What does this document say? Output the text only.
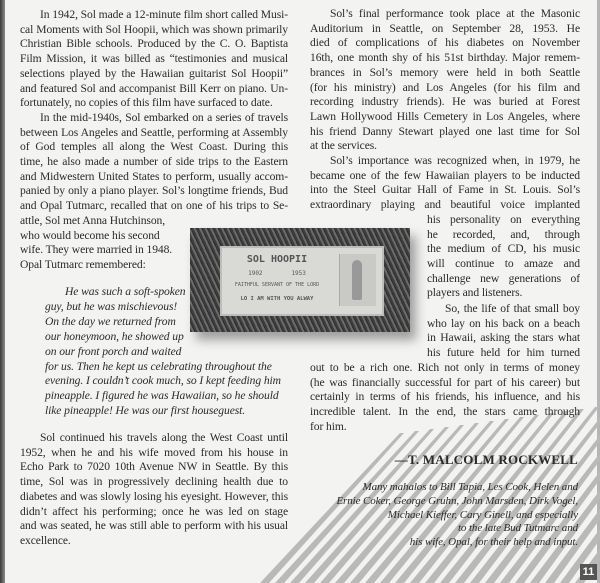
In 1942, Sol made a 12-minute film short called Musi-
cal Moments with Sol Hoopii, which was shown primarily
Christian Bible schools. Produced by the C. O. Baptista
Film Mission, it was billed as “testimonies and musical
selections played by the Hawaiian guitarist Sol Hoopii”
and featured Sol and accompanist Bill Kerr on piano. Un-
fortunately, no copies of this film have surfaced to date.
In the mid-1940s, Sol embarked on a series of travels
between Los Angeles and Seattle, performing at Assembly
of God temples all along the West Coast. During this
time, he also made a number of side trips to the Eastern
and Midwestern United States to perform, usually accom-
panied by only a piano player. Sol’s longtime friends, Bud
and Opal Tutmarc, recalled that on one of his trips to Se-
attle, Sol met Anna Hutchinson,
who would become his second
wife. They were married in 1948.
Opal Tutmarc remembered:
He was such a soft-spoken
guy, but he was mischievous!
On the day we returned from
our honeymoon, he showed up
on our front porch and waited
for us. Then he kept us celebrating throughout the
evening. I couldn’t cook much, so I kept feeding him
pineapple. I figured he was Hawaiian, so he should
like pineapple! He was our first houseguest.
Sol continued his travels along the West Coast until
1952, when he and his wife moved from his house in
Echo Park to 7020 10th Avenue NW in Seattle. By this
time, Sol was in progressively declining health due to
diabetes and was slowly losing his eyesight. However, this
didn’t affect his performing; once he was led on stage
and was seated, he was still able to perform with his usual
excellence.
Sol’s final performance took place at the Masonic
Auditorium in Seattle, on September 28, 1953. He
died of complications of his diabetes on November
16th, one month shy of his 51st birthday. Major remem-
brances in Sol’s memory were held in both Seattle
(for his ministry) and Los Angeles (for his film and
recording industry friends). He was buried at Forest
Lawn Hollywood Hills Cemetery in Los Angeles, where
his friend Danny Stewart played one last time for Sol
at the services.
Sol’s importance was recognized when, in 1979, he
became one of the few Hawaiian players to be inducted
into the Steel Guitar Hall of Fame in St. Louis. Sol’s
extraordinary playing and beautiful voice implanted
his personality on everything
he recorded, and, through
the medium of CD, his music
will continue to amaze and
challenge new generations of
players and listeners.
So, the life of that small boy
who lay on his back on a beach
in Hawaii, asking the stars what
his future held for him turned
out to be a rich one. Rich not only in terms of money
(he was financially successful for part of his career) but
certainly in terms of his friends, his influence, and his
incredible talent. In the end, the stars came through
for him.
Many mahalos to Bill Tapia, Les Cook, Helen and
Ernie Coker, George Gruhn, John Marsden, Dirk Vogel,
Michael Kieffer, Cary Ginell, and especially
to the late Bud Tutmarc and
his wife, Opal, for their help and input.
SOL HOOPII
1902        1953
FAITHFUL SERVANT OF THE LORD
LO I AM WITH YOU ALWAY
—T. MALCOLM ROCKWELL
11
